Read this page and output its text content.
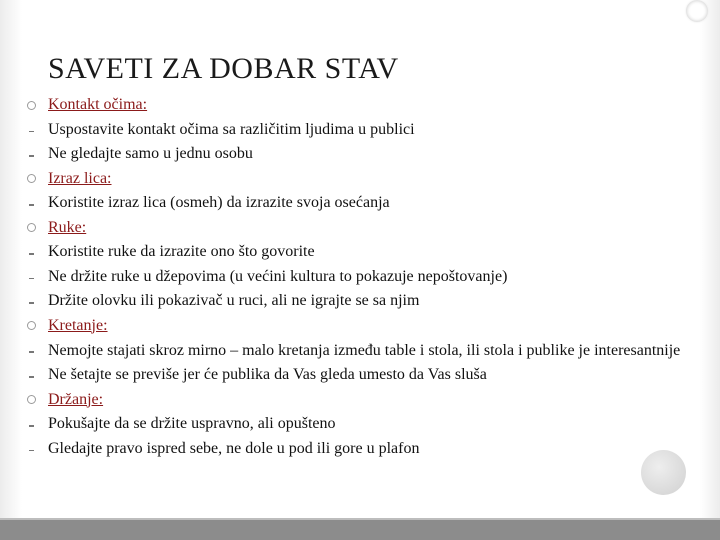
SAVETI ZA DOBAR STAV
Kontakt očima:
Uspostavite kontakt očima sa različitim ljudima u publici
Ne gledajte samo u jednu osobu
Izraz lica:
Koristite izraz lica (osmeh) da izrazite svoja osećanja
Ruke:
Koristite ruke da izrazite ono što govorite
Ne držite ruke u džepovima (u većini kultura to pokazuje nepoštovanje)
Držite olovku ili pokazivač u ruci, ali ne igrajte se sa njim
Kretanje:
Nemojte stajati skroz mirno – malo kretanja između table i stola, ili stola i publike je interesantnije
Ne šetajte se previše jer će publika da Vas gleda umesto da Vas sluša
Držanje:
Pokušajte da se držite uspravno, ali opušteno
Gledajte pravo ispred sebe, ne dole u pod ili gore u plafon
